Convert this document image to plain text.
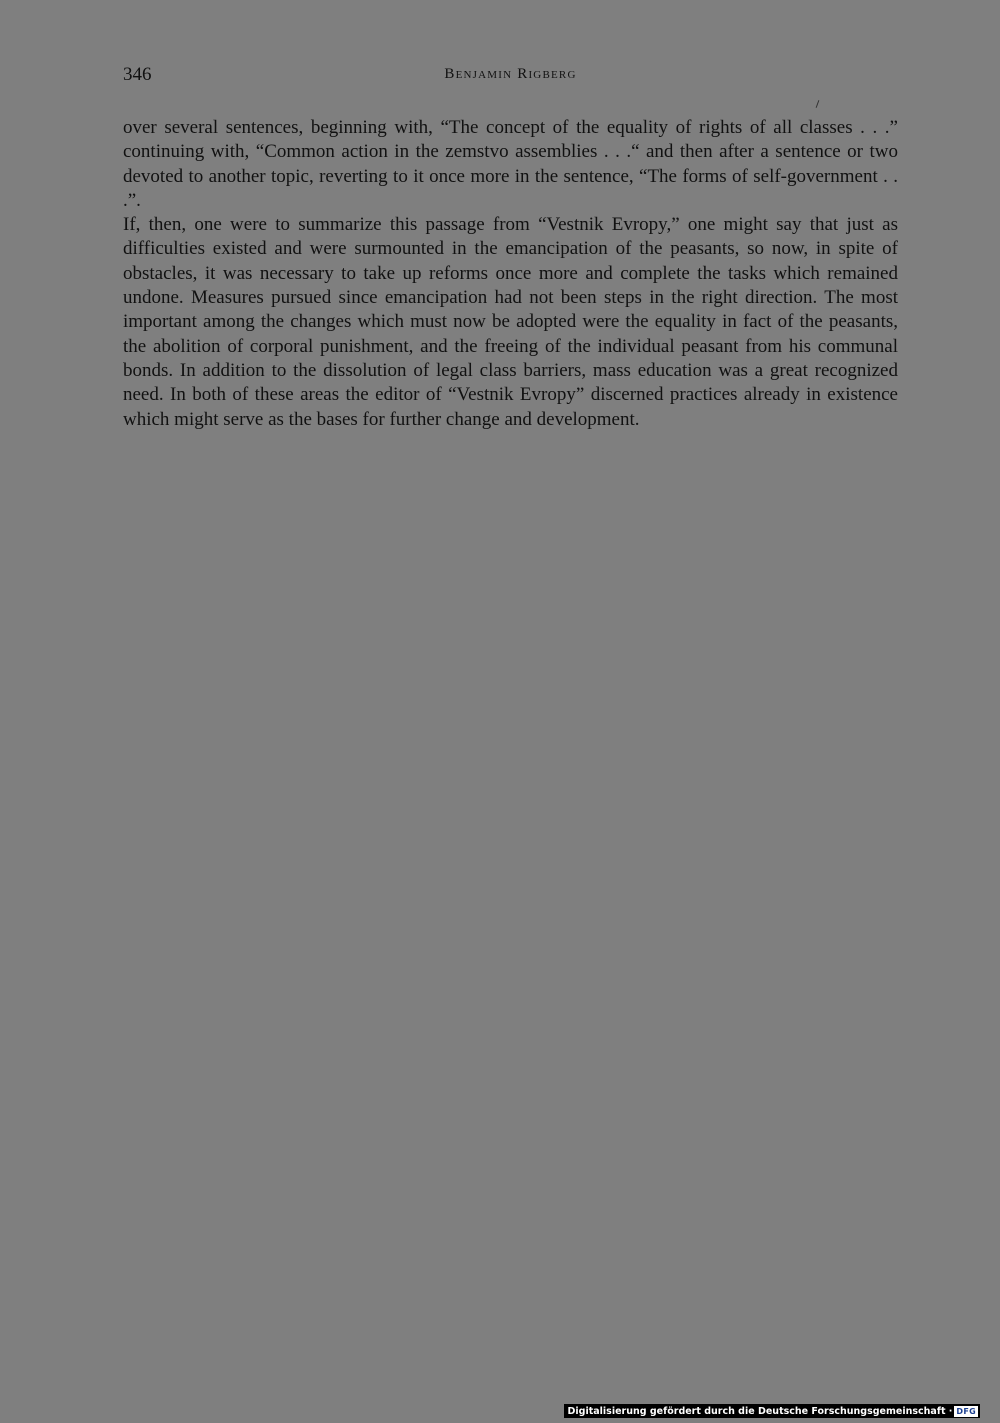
346	Benjamin Rigberg

over several sentences, beginning with, “The concept of the equality of rights of all classes . . .” continuing with, “Common action in the zemstvo assemblies . . .“ and then after a sentence or two devoted to another topic, reverting to it once more in the sentence, “The forms of self-government . . .”.

If, then, one were to summarize this passage from “Vestnik Evropy,” one might say that just as difficulties existed and were surmounted in the emancipation of the peasants, so now, in spite of obstacles, it was necessary to take up reforms once more and complete the tasks which remained undone. Measures pursued since emancipation had not been steps in the right direction. The most important among the changes which must now be adopted were the equality in fact of the peasants, the abolition of corporal punishment, and the freeing of the individual peasant from his communal bonds. In addition to the dissolution of legal class barriers, mass education was a great recognized need. In both of these areas the editor of “Vestnik Evropy” discerned practices already in existence which might serve as the bases for further change and development.

Digitalisierung gefördert durch die Deutsche Forschungsgemeinschaft · DFG
